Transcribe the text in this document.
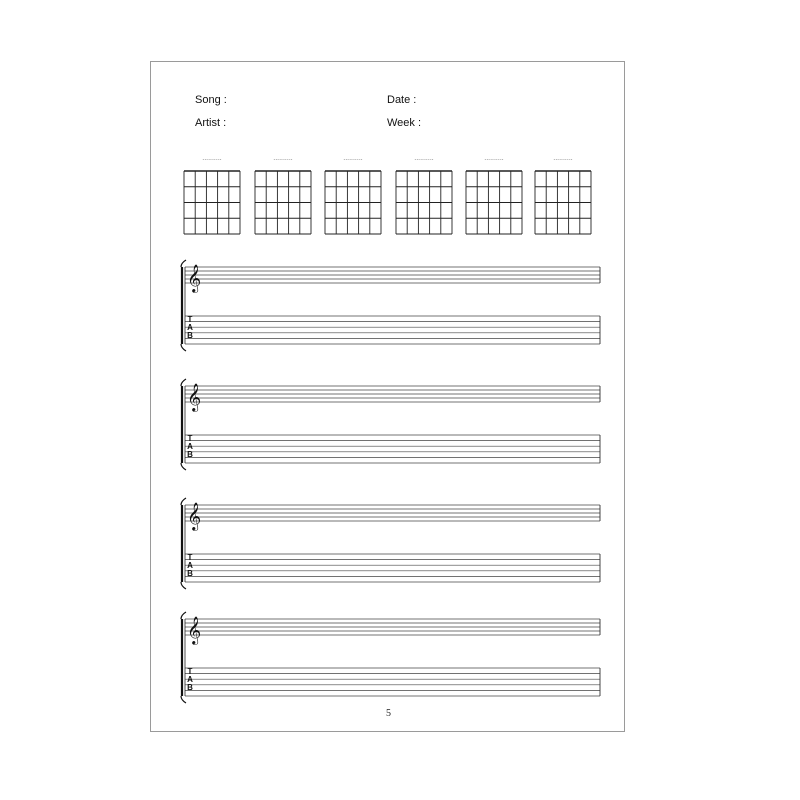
Song :
Artist :
Date :
Week :
..........	..........	..........	..........	..........	..........
𝄞
T
A
B
𝄞
T
A
B
𝄞
T
A
B
𝄞
T
A
B
5
